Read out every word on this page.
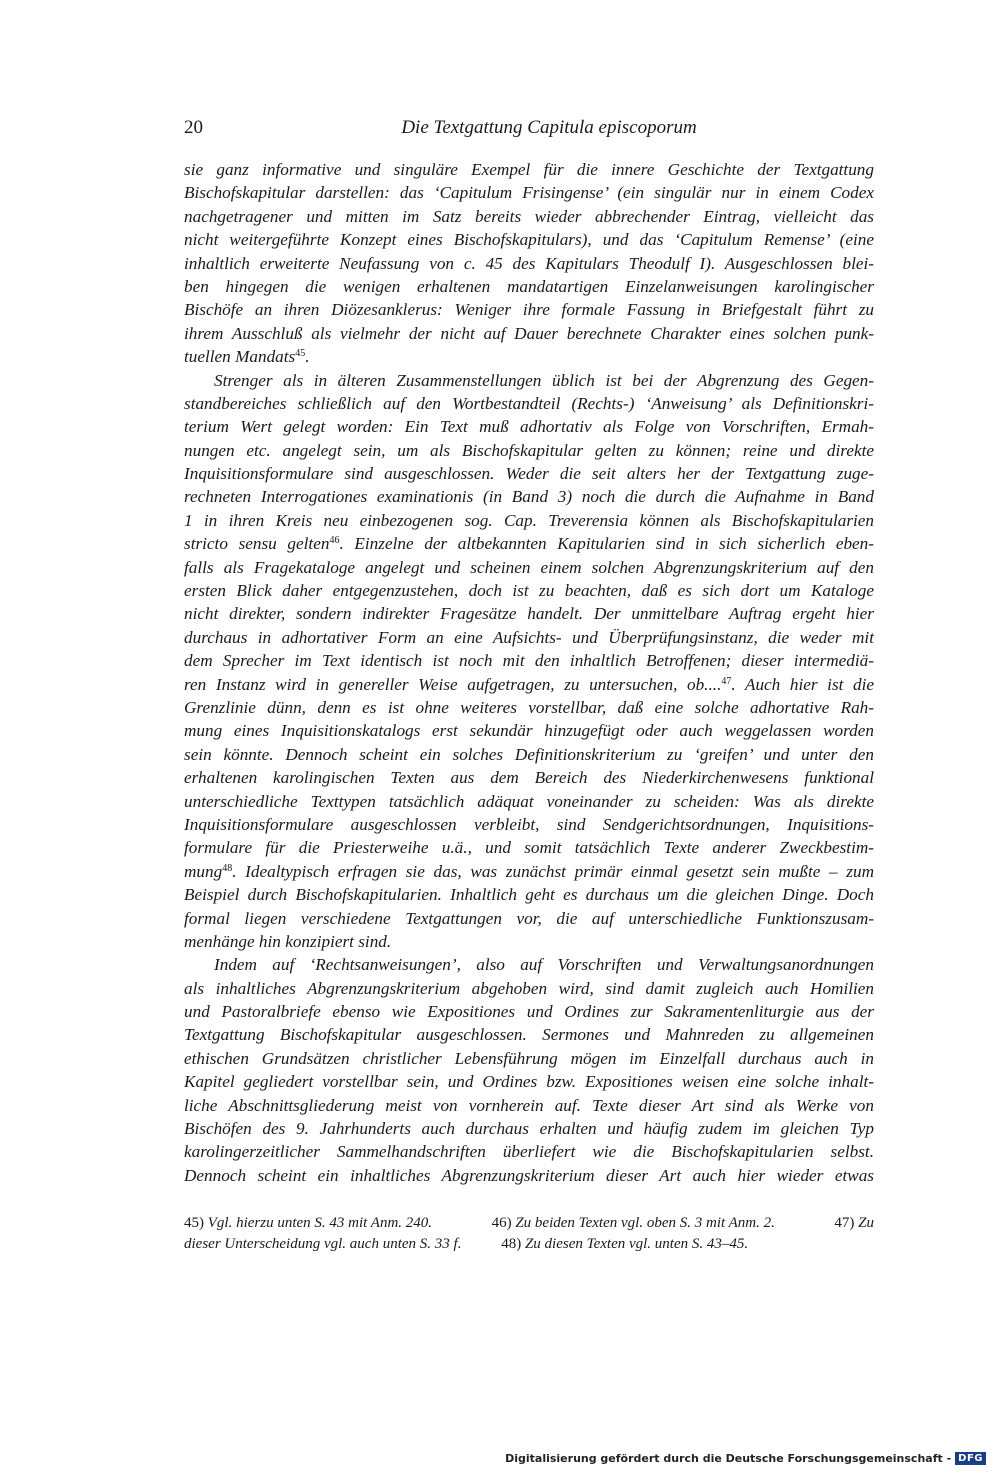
20	Die Textgattung Capitula episcoporum
sie ganz informative und singuläre Exempel für die innere Geschichte der Textgattung
Bischofskapitular darstellen: das ‘Capitulum Frisingense’ (ein singulär nur in einem Codex
nachgetragener und mitten im Satz bereits wieder abbrechender Eintrag, vielleicht das
nicht weitergeführte Konzept eines Bischofskapitulars), und das ‘Capitulum Remense’ (eine
inhaltlich erweiterte Neufassung von c. 45 des Kapitulars Theodulf I). Ausgeschlossen blei-
ben hingegen die wenigen erhaltenen mandatartigen Einzelanweisungen karolingischer
Bischöfe an ihren Diözesanklerus: Weniger ihre formale Fassung in Briefgestalt führt zu
ihrem Ausschluß als vielmehr der nicht auf Dauer berechnete Charakter eines solchen punk-
tuellen Mandats$^{45}$.
Strenger als in älteren Zusammenstellungen üblich ist bei der Abgrenzung des Gegen-
standbereiches schließlich auf den Wortbestandteil (Rechts-) ‘Anweisung’ als Definitionskri-
terium Wert gelegt worden: Ein Text muß adhortativ als Folge von Vorschriften, Ermah-
nungen etc. angelegt sein, um als Bischofskapitular gelten zu können; reine und direkte
Inquisitionsformulare sind ausgeschlossen. Weder die seit alters her der Textgattung zuge-
rechneten Interrogationes examinationis (in Band 3) noch die durch die Aufnahme in Band
1 in ihren Kreis neu einbezogenen sog. Cap. Treverensia können als Bischofskapitularien
stricto sensu gelten$^{46}$. Einzelne der altbekannten Kapitularien sind in sich sicherlich eben-
falls als Fragekataloge angelegt und scheinen einem solchen Abgrenzungskriterium auf den
ersten Blick daher entgegenzustehen, doch ist zu beachten, daß es sich dort um Kataloge
nicht direkter, sondern indirekter Fragesätze handelt. Der unmittelbare Auftrag ergeht hier
durchaus in adhortativer Form an eine Aufsichts- und Überprüfungsinstanz, die weder mit
dem Sprecher im Text identisch ist noch mit den inhaltlich Betroffenen; dieser intermediä-
ren Instanz wird in genereller Weise aufgetragen, zu untersuchen, ob....$^{47}$. Auch hier ist die
Grenzlinie dünn, denn es ist ohne weiteres vorstellbar, daß eine solche adhortative Rah-
mung eines Inquisitionskatalogs erst sekundär hinzugefügt oder auch weggelassen worden
sein könnte. Dennoch scheint ein solches Definitionskriterium zu ‘greifen’ und unter den
erhaltenen karolingischen Texten aus dem Bereich des Niederkirchenwesens funktional
unterschiedliche Texttypen tatsächlich adäquat voneinander zu scheiden: Was als direkte
Inquisitionsformulare ausgeschlossen verbleibt, sind Sendgerichtsordnungen, Inquisitions-
formulare für die Priesterweihe u.ä., und somit tatsächlich Texte anderer Zweckbestim-
mung$^{48}$. Idealtypisch erfragen sie das, was zunächst primär einmal gesetzt sein mußte – zum
Beispiel durch Bischofskapitularien. Inhaltlich geht es durchaus um die gleichen Dinge. Doch
formal liegen verschiedene Textgattungen vor, die auf unterschiedliche Funktionszusam-
menhänge hin konzipiert sind.
Indem auf ‘Rechtsanweisungen’, also auf Vorschriften und Verwaltungsanordnungen
als inhaltliches Abgrenzungskriterium abgehoben wird, sind damit zugleich auch Homilien
und Pastoralbriefe ebenso wie Expositiones und Ordines zur Sakramentenliturgie aus der
Textgattung Bischofskapitular ausgeschlossen. Sermones und Mahnreden zu allgemeinen
ethischen Grundsätzen christlicher Lebensführung mögen im Einzelfall durchaus auch in
Kapitel gegliedert vorstellbar sein, und Ordines bzw. Expositiones weisen eine solche inhalt-
liche Abschnittsgliederung meist von vornherein auf. Texte dieser Art sind als Werke von
Bischöfen des 9. Jahrhunderts auch durchaus erhalten und häufig zudem im gleichen Typ
karolingerzeitlicher Sammelhandschriften überliefert wie die Bischofskapitularien selbst.
Dennoch scheint ein inhaltliches Abgrenzungskriterium dieser Art auch hier wieder etwas
45) Vgl. hierzu unten S. 43 mit Anm. 240.	46) Zu beiden Texten vgl. oben S. 3 mit Anm. 2.	47) Zu
dieser Unterscheidung vgl. auch unten S. 33 f.	48) Zu diesen Texten vgl. unten S. 43–45.
Digitalisierung gefördert durch die Deutsche Forschungsgemeinschaft - DFG
